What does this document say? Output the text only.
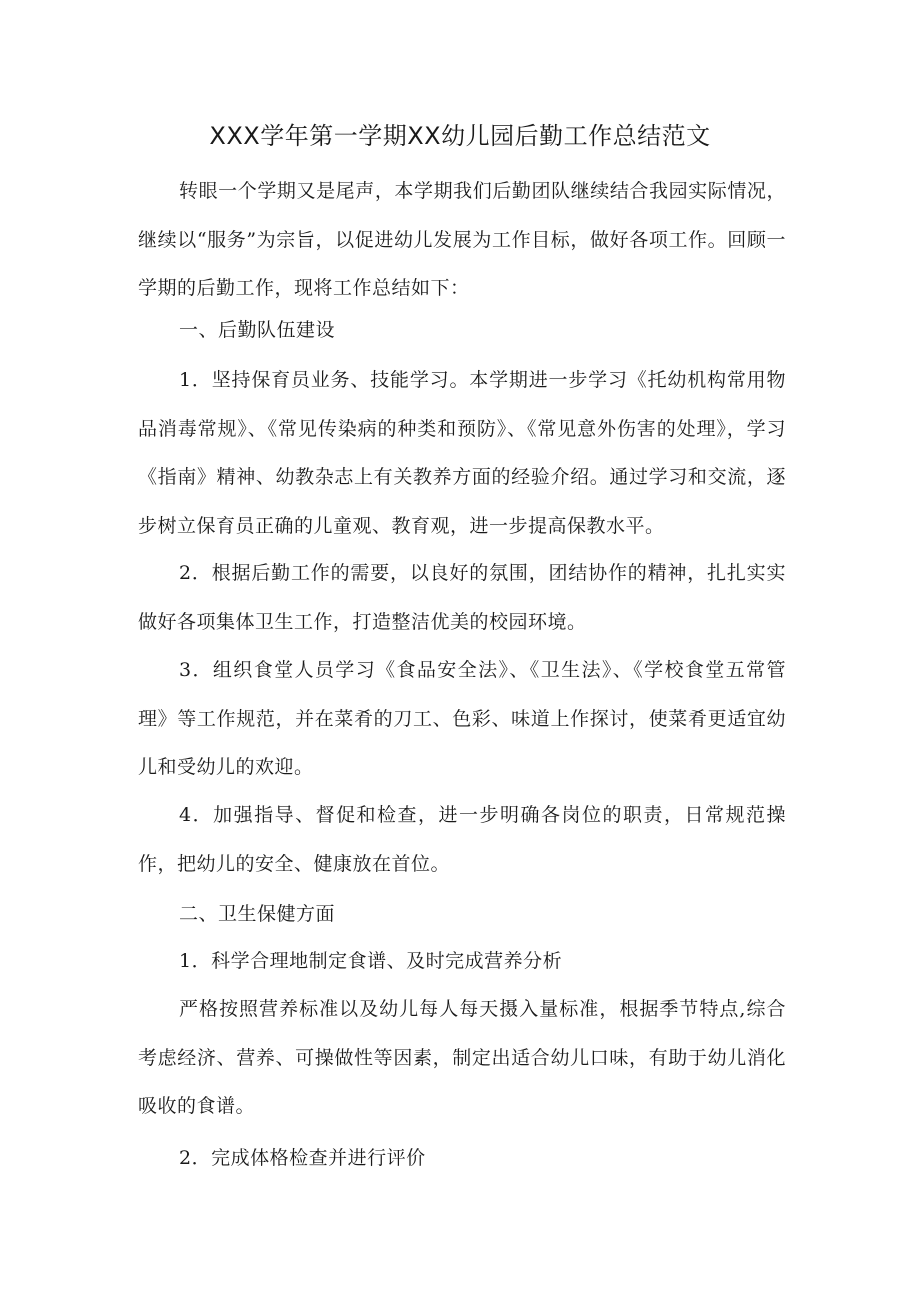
XXX学年第一学期XX幼儿园后勤工作总结范文

转眼一个学期又是尾声，本学期我们后勤团队继续结合我园实际情况，继续以“服务”为宗旨，以促进幼儿发展为工作目标，做好各项工作。回顾一学期的后勤工作，现将工作总结如下：

一、后勤队伍建设

1．坚持保育员业务、技能学习。本学期进一步学习《托幼机构常用物品消毒常规》、《常见传染病的种类和预防》、《常见意外伤害的处理》，学习《指南》精神、幼教杂志上有关教养方面的经验介绍。通过学习和交流，逐步树立保育员正确的儿童观、教育观，进一步提高保教水平。

2．根据后勤工作的需要，以良好的氛围，团结协作的精神，扎扎实实做好各项集体卫生工作，打造整洁优美的校园环境。

3．组织食堂人员学习《食品安全法》、《卫生法》、《学校食堂五常管理》等工作规范，并在菜肴的刀工、色彩、味道上作探讨，使菜肴更适宜幼儿和受幼儿的欢迎。

4．加强指导、督促和检查，进一步明确各岗位的职责，日常规范操作，把幼儿的安全、健康放在首位。

二、卫生保健方面

1．科学合理地制定食谱、及时完成营养分析

严格按照营养标准以及幼儿每人每天摄入量标准，根据季节特点,综合考虑经济、营养、可操做性等因素，制定出适合幼儿口味，有助于幼儿消化吸收的食谱。

2．完成体格检查并进行评价
